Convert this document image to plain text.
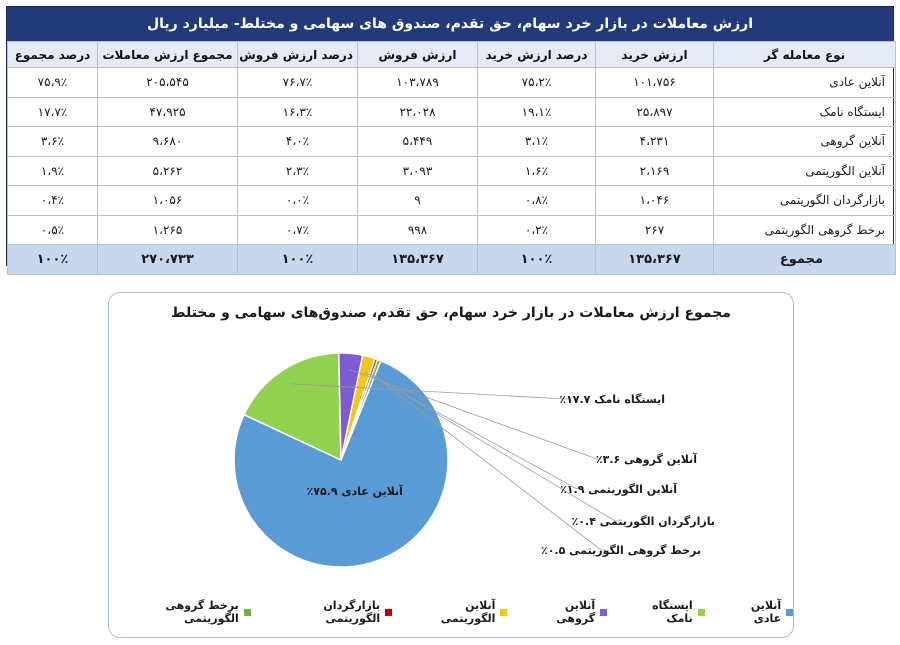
ارزش معاملات در بازار خرد سهام، حق تقدم، صندوق های سهامی و مختلط- میلیارد ریال
نوع معامله گر	ارزش خرید	درصد ارزش خرید	ارزش فروش	درصد ارزش فروش	مجموع ارزش معاملات	درصد مجموع
آنلاین عادی	۱۰۱،۷۵۶	۷۵،۲٪	۱۰۳،۷۸۹	۷۶،۷٪	۲۰۵،۵۴۵	۷۵،۹٪
ایستگاه نامک	۲۵،۸۹۷	۱۹،۱٪	۲۲،۰۲۸	۱۶،۳٪	۴۷،۹۲۵	۱۷،۷٪
آنلاین گروهی	۴،۲۳۱	۳،۱٪	۵،۴۴۹	۴،۰٪	۹،۶۸۰	۳،۶٪
آنلاین الگوریتمی	۲،۱۶۹	۱،۶٪	۳،۰۹۳	۲،۳٪	۵،۲۶۲	۱،۹٪
بازارگردان الگوریتمی	۱،۰۴۶	۰،۸٪	۹	۰،۰٪	۱،۰۵۶	۰،۴٪
برخط گروهی الگوریتمی	۲۶۷	۰،۲٪	۹۹۸	۰،۷٪	۱،۲۶۵	۰،۵٪
مجموع	۱۳۵،۳۶۷	۱۰۰٪	۱۳۵،۳۶۷	۱۰۰٪	۲۷۰،۷۳۳	۱۰۰٪
مجموع ارزش معاملات در بازار خرد سهام، حق تقدم، صندوق‌های سهامی و مختلط
آنلاین عادی ۷۵.۹٪
ایستگاه نامک ۱۷.۷٪
آنلاین گروهی ۳.۶٪
آنلاین الگوریتمی ۱.۹٪
بازارگردان الگوریتمی ۰.۴٪
برخط گروهی الگوریتمی ۰.۵٪
آنلاین عادی
ایستگاه نامک
آنلاین گروهی
آنلاین الگوریتمی
بازارگردان الگوریتمی
برخط گروهی الگوریتمی
